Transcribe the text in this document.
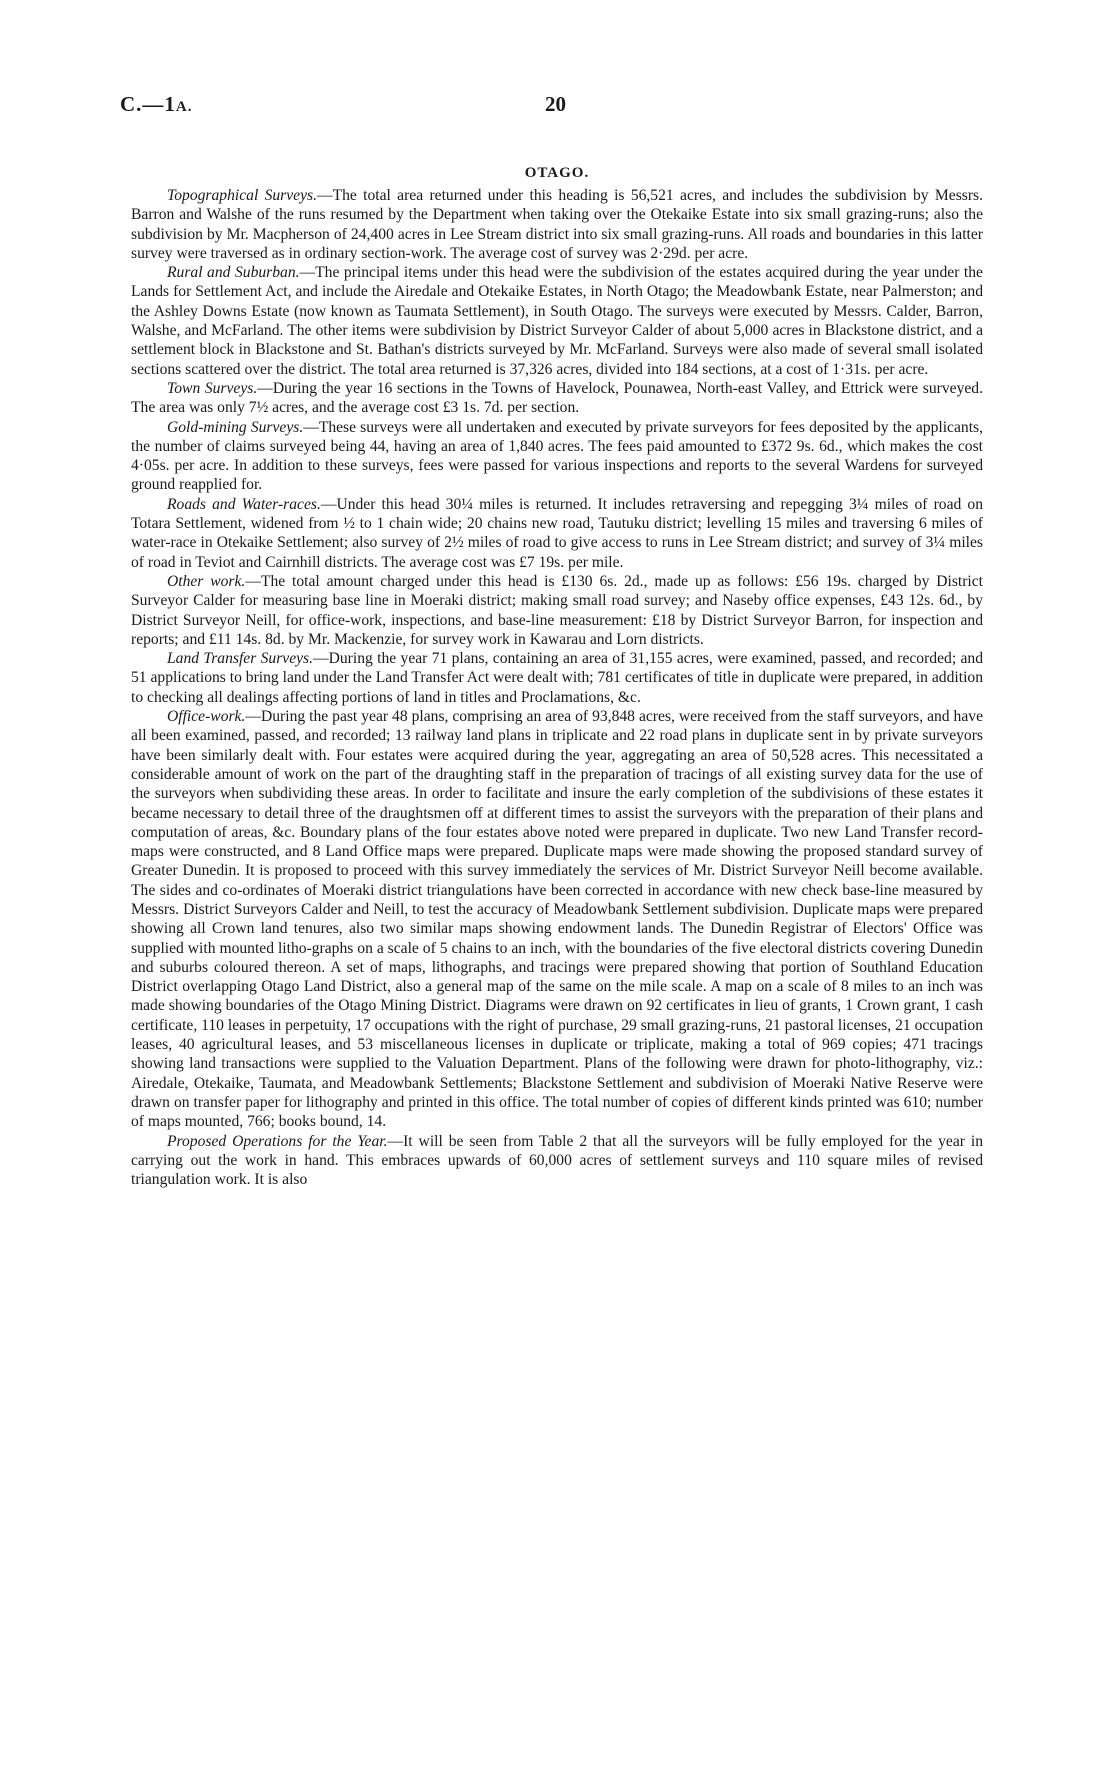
C.—1A.	20
OTAGO.

Topographical Surveys.—The total area returned under this heading is 56,521 acres, and includes the subdivision by Messrs. Barron and Walshe of the runs resumed by the Department when taking over the Otekaike Estate into six small grazing-runs; also the subdivision by Mr. Macpherson of 24,400 acres in Lee Stream district into six small grazing-runs. All roads and boundaries in this latter survey were traversed as in ordinary section-work. The average cost of survey was 2·29d. per acre.

Rural and Suburban.—The principal items under this head were the subdivision of the estates acquired during the year under the Lands for Settlement Act, and include the Airedale and Otekaike Estates, in North Otago; the Meadowbank Estate, near Palmerston; and the Ashley Downs Estate (now known as Taumata Settlement), in South Otago. The surveys were executed by Messrs. Calder, Barron, Walshe, and McFarland. The other items were subdivision by District Surveyor Calder of about 5,000 acres in Blackstone district, and a settlement block in Blackstone and St. Bathan's districts surveyed by Mr. McFarland. Surveys were also made of several small isolated sections scattered over the district. The total area returned is 37,326 acres, divided into 184 sections, at a cost of 1·31s. per acre.

Town Surveys.—During the year 16 sections in the Towns of Havelock, Pounawea, North-east Valley, and Ettrick were surveyed. The area was only 7½ acres, and the average cost £3 1s. 7d. per section.

Gold-mining Surveys.—These surveys were all undertaken and executed by private surveyors for fees deposited by the applicants, the number of claims surveyed being 44, having an area of 1,840 acres. The fees paid amounted to £372 9s. 6d., which makes the cost 4·05s. per acre. In addition to these surveys, fees were passed for various inspections and reports to the several Wardens for surveyed ground reapplied for.

Roads and Water-races.—Under this head 30¼ miles is returned. It includes retraversing and repegging 3¼ miles of road on Totara Settlement, widened from ½ to 1 chain wide; 20 chains new road, Tautuku district; levelling 15 miles and traversing 6 miles of water-race in Otekaike Settlement; also survey of 2½ miles of road to give access to runs in Lee Stream district; and survey of 3¼ miles of road in Teviot and Cairnhill districts. The average cost was £7 19s. per mile.

Other work.—The total amount charged under this head is £130 6s. 2d., made up as follows: £56 19s. charged by District Surveyor Calder for measuring base line in Moeraki district; making small road survey; and Naseby office expenses, £43 12s. 6d., by District Surveyor Neill, for office-work, inspections, and base-line measurement: £18 by District Surveyor Barron, for inspection and reports; and £11 14s. 8d. by Mr. Mackenzie, for survey work in Kawarau and Lorn districts.

Land Transfer Surveys.—During the year 71 plans, containing an area of 31,155 acres, were examined, passed, and recorded; and 51 applications to bring land under the Land Transfer Act were dealt with; 781 certificates of title in duplicate were prepared, in addition to checking all dealings affecting portions of land in titles and Proclamations, &c.

Office-work.—During the past year 48 plans, comprising an area of 93,848 acres, were received from the staff surveyors, and have all been examined, passed, and recorded; 13 railway land plans in triplicate and 22 road plans in duplicate sent in by private surveyors have been similarly dealt with. Four estates were acquired during the year, aggregating an area of 50,528 acres. This necessitated a considerable amount of work on the part of the draughting staff in the preparation of tracings of all existing survey data for the use of the surveyors when subdividing these areas. In order to facilitate and insure the early completion of the subdivisions of these estates it became necessary to detail three of the draughtsmen off at different times to assist the surveyors with the preparation of their plans and computation of areas, &c. Boundary plans of the four estates above noted were prepared in duplicate. Two new Land Transfer record-maps were constructed, and 8 Land Office maps were prepared. Duplicate maps were made showing the proposed standard survey of Greater Dunedin. It is proposed to proceed with this survey immediately the services of Mr. District Surveyor Neill become available. The sides and co-ordinates of Moeraki district triangulations have been corrected in accordance with new check base-line measured by Messrs. District Surveyors Calder and Neill, to test the accuracy of Meadowbank Settlement subdivision. Duplicate maps were prepared showing all Crown land tenures, also two similar maps showing endowment lands. The Dunedin Registrar of Electors' Office was supplied with mounted litho-graphs on a scale of 5 chains to an inch, with the boundaries of the five electoral districts covering Dunedin and suburbs coloured thereon. A set of maps, lithographs, and tracings were prepared showing that portion of Southland Education District overlapping Otago Land District, also a general map of the same on the mile scale. A map on a scale of 8 miles to an inch was made showing boundaries of the Otago Mining District. Diagrams were drawn on 92 certificates in lieu of grants, 1 Crown grant, 1 cash certificate, 110 leases in perpetuity, 17 occupations with the right of purchase, 29 small grazing-runs, 21 pastoral licenses, 21 occupation leases, 40 agricultural leases, and 53 miscellaneous licenses in duplicate or triplicate, making a total of 969 copies; 471 tracings showing land transactions were supplied to the Valuation Department. Plans of the following were drawn for photo-lithography, viz.: Airedale, Otekaike, Taumata, and Meadowbank Settlements; Blackstone Settlement and subdivision of Moeraki Native Reserve were drawn on transfer paper for lithography and printed in this office. The total number of copies of different kinds printed was 610; number of maps mounted, 766; books bound, 14.

Proposed Operations for the Year.—It will be seen from Table 2 that all the surveyors will be fully employed for the year in carrying out the work in hand. This embraces upwards of 60,000 acres of settlement surveys and 110 square miles of revised triangulation work. It is also
